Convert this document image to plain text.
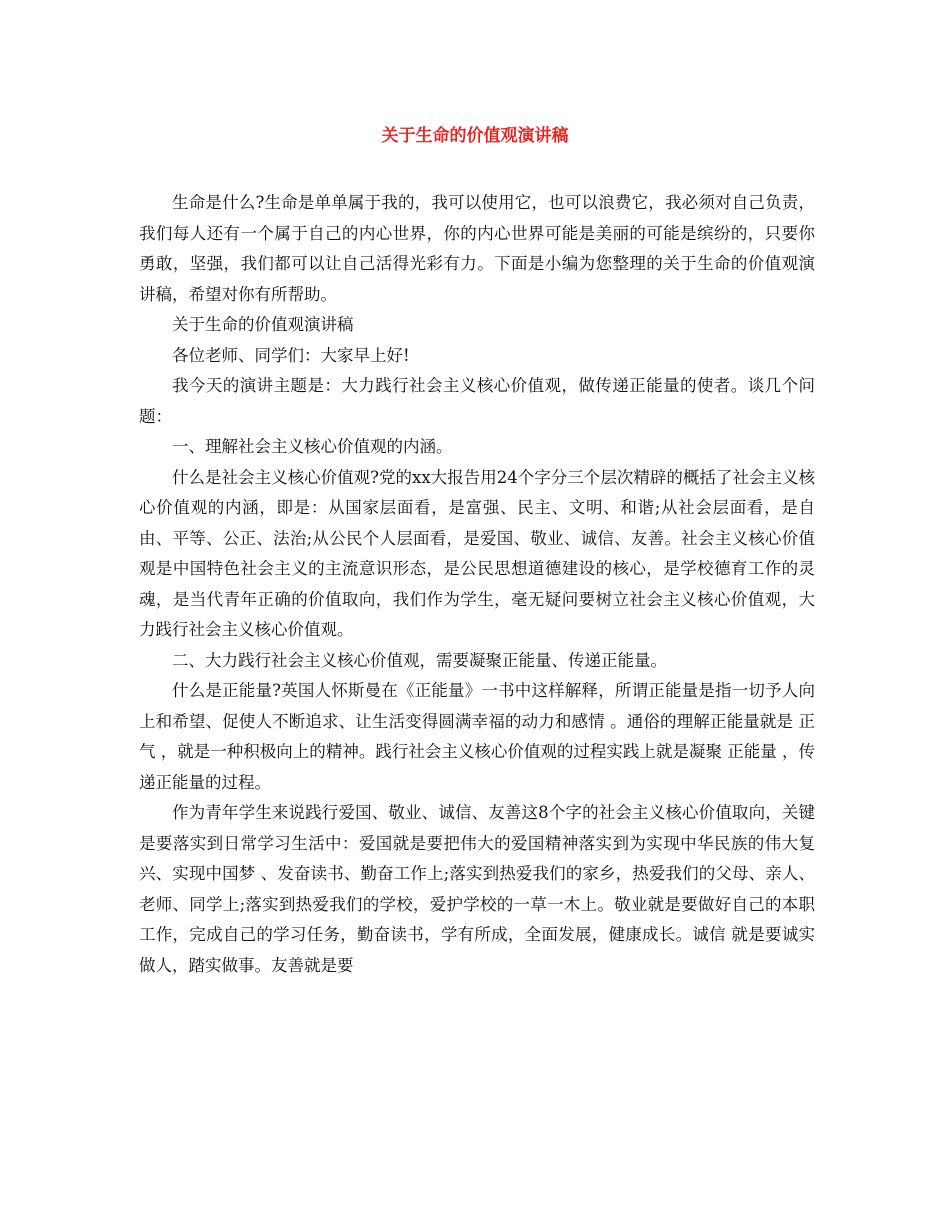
关于生命的价值观演讲稿

生命是什么?生命是单单属于我的，我可以使用它，也可以浪费它，我必须对自己负责，我们每人还有一个属于自己的内心世界，你的内心世界可能是美丽的可能是缤纷的，只要你勇敢，坚强，我们都可以让自己活得光彩有力。下面是小编为您整理的关于生命的价值观演讲稿，希望对你有所帮助。

关于生命的价值观演讲稿

各位老师、同学们：大家早上好!

我今天的演讲主题是：大力践行社会主义核心价值观，做传递正能量的使者。谈几个问题：

一、理解社会主义核心价值观的内涵。

什么是社会主义核心价值观?党的xx大报告用24个字分三个层次精辟的概括了社会主义核心价值观的内涵，即是：从国家层面看，是富强、民主、文明、和谐;从社会层面看，是自由、平等、公正、法治;从公民个人层面看，是爱国、敬业、诚信、友善。社会主义核心价值观是中国特色社会主义的主流意识形态，是公民思想道德建设的核心，是学校德育工作的灵魂，是当代青年正确的价值取向，我们作为学生，毫无疑问要树立社会主义核心价值观，大力践行社会主义核心价值观。

二、大力践行社会主义核心价值观，需要凝聚正能量、传递正能量。

什么是正能量?英国人怀斯曼在《正能量》一书中这样解释，所谓正能量是指一切予人向上和希望、促使人不断追求、让生活变得圆满幸福的动力和感情 。通俗的理解正能量就是 正气 ，就是一种积极向上的精神。践行社会主义核心价值观的过程实践上就是凝聚 正能量 ，传递正能量的过程。

作为青年学生来说践行爱国、敬业、诚信、友善这8个字的社会主义核心价值取向，关键是要落实到日常学习生活中：爱国就是要把伟大的爱国精神落实到为实现中华民族的伟大复兴、实现中国梦 、发奋读书、勤奋工作上;落实到热爱我们的家乡，热爱我们的父母、亲人、老师、同学上;落实到热爱我们的学校，爱护学校的一草一木上。敬业就是要做好自己的本职工作，完成自己的学习任务，勤奋读书，学有所成，全面发展，健康成长。诚信 就是要诚实做人，踏实做事。友善就是要
